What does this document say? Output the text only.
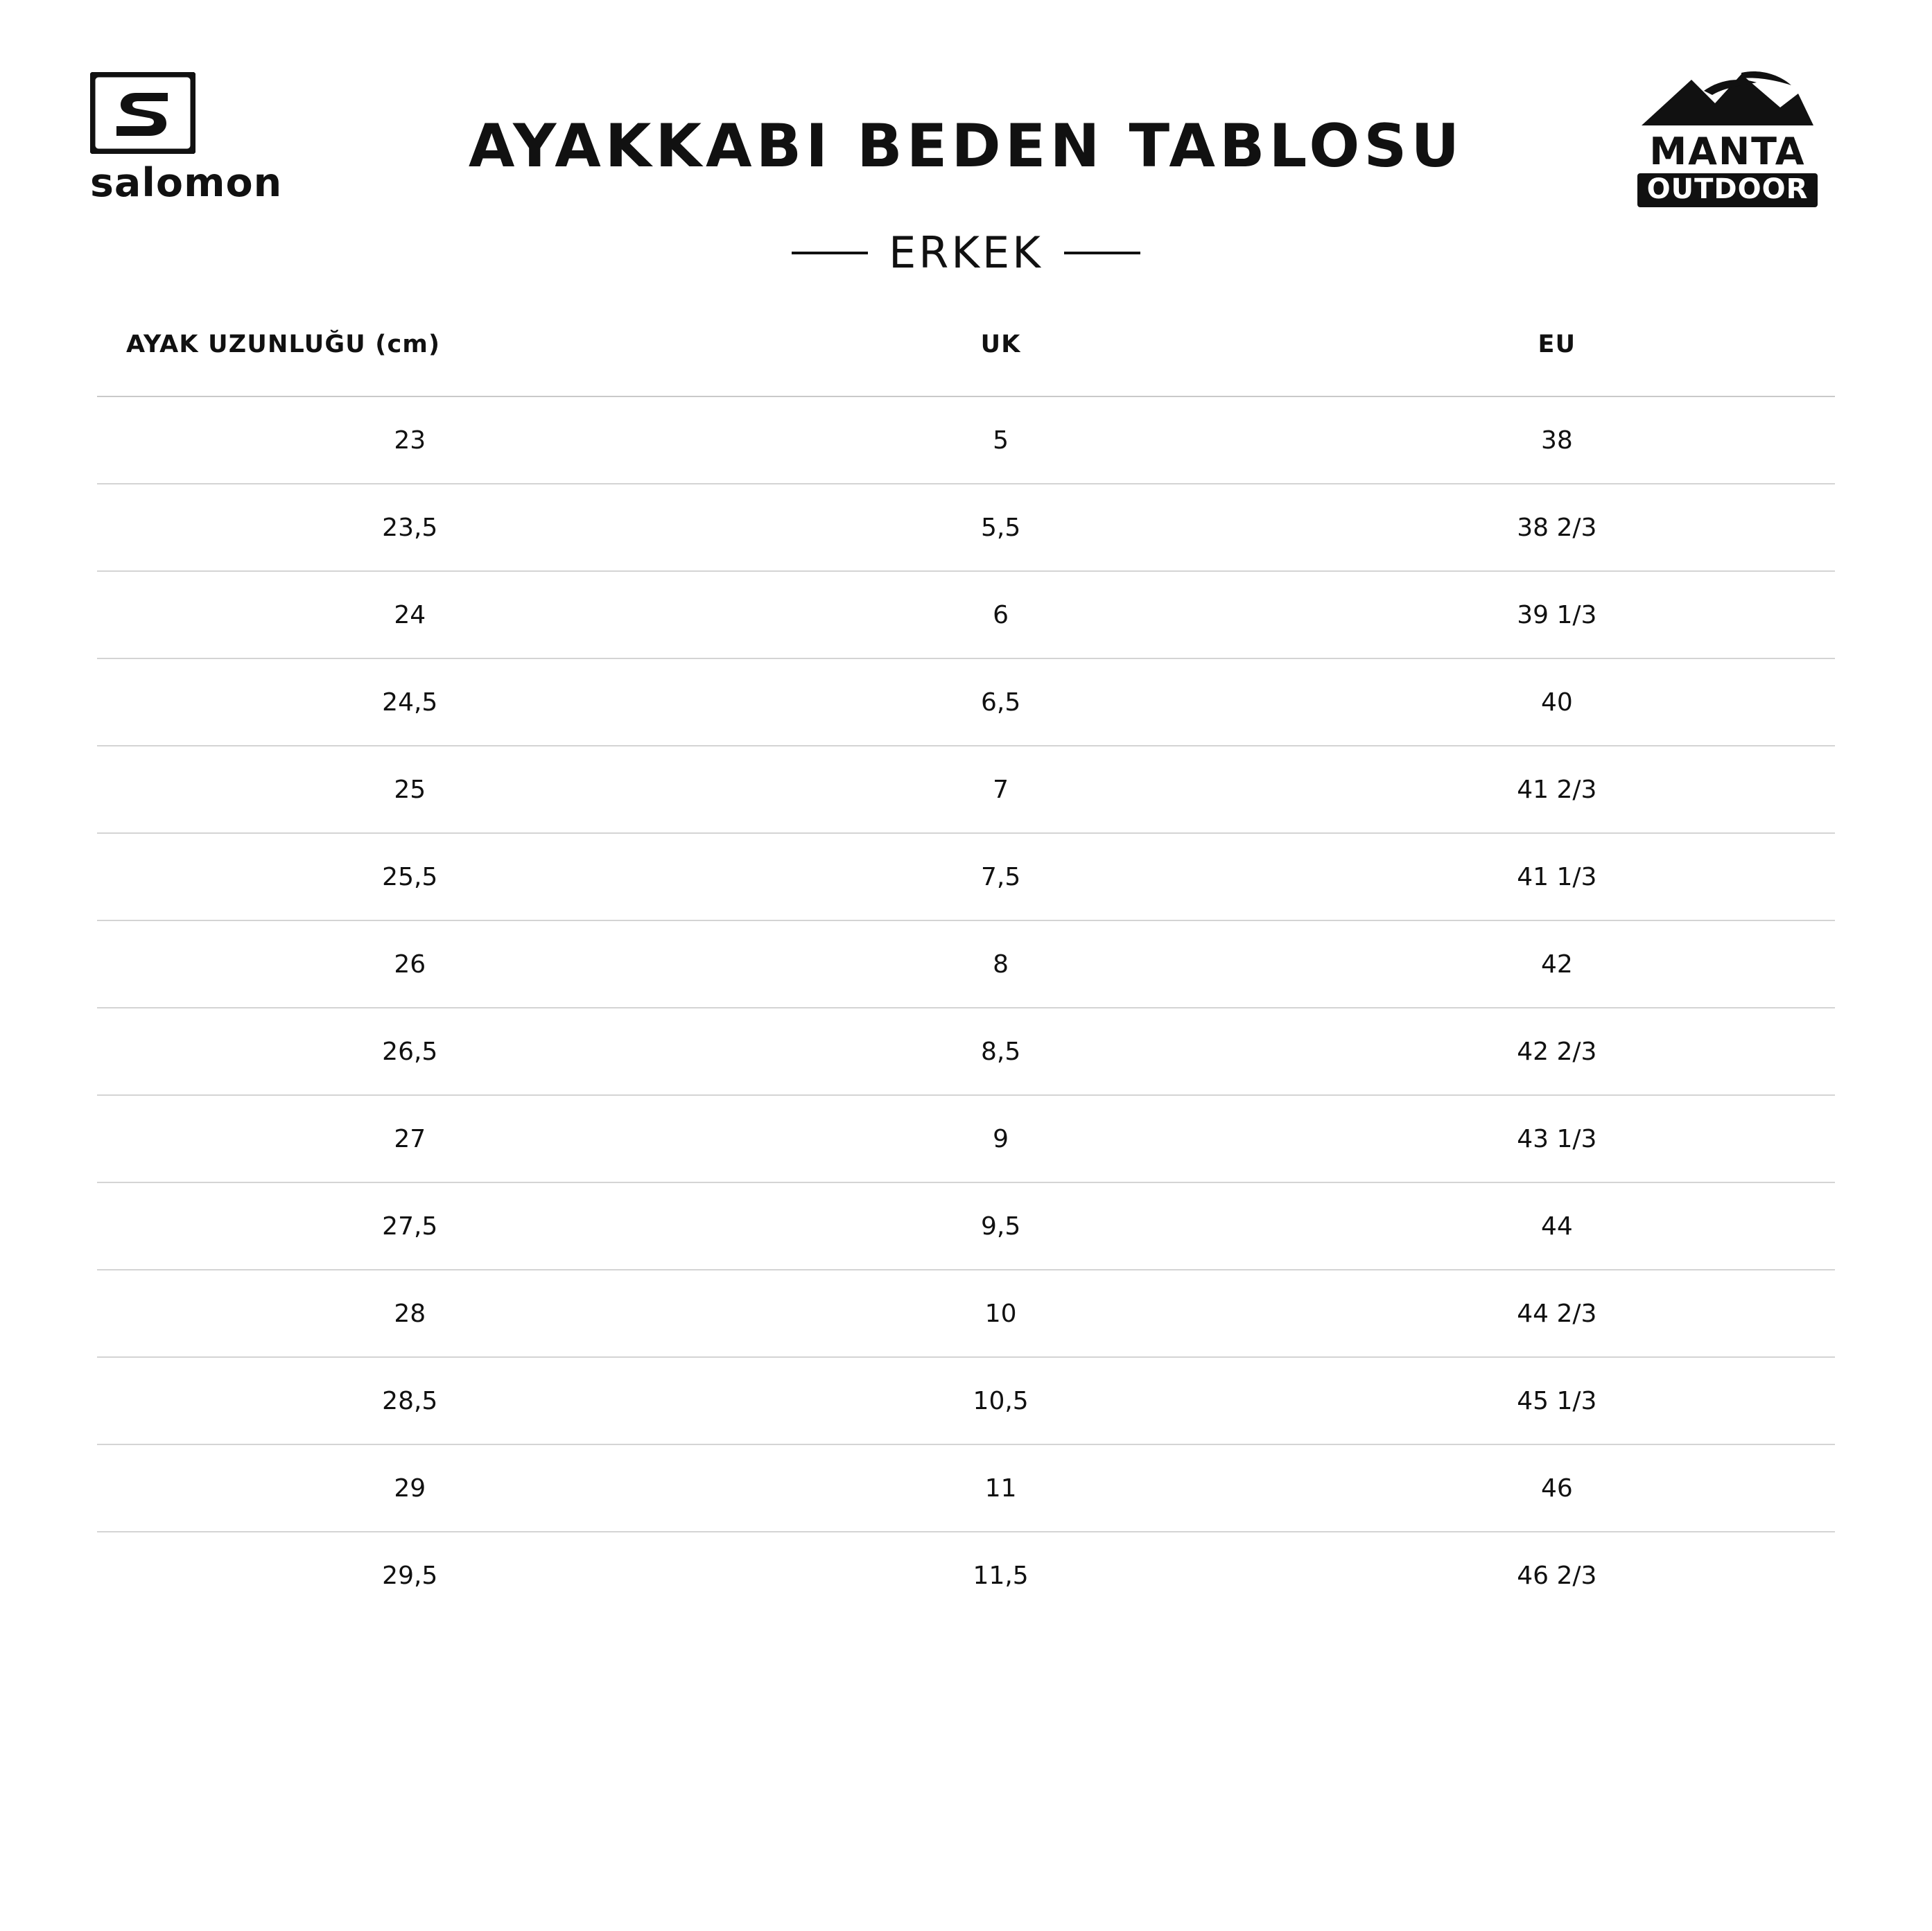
salomon
AYAKKABI BEDEN TABLOSU	MANTA
OUTDOOR
ERKEK
AYAK UZUNLUĞU (cm)	UK	EU
23	5	38
23,5	5,5	38 2/3
24	6	39 1/3
24,5	6,5	40
25	7	41 2/3
25,5	7,5	41 1/3
26	8	42
26,5	8,5	42 2/3
27	9	43 1/3
27,5	9,5	44
28	10	44 2/3
28,5	10,5	45 1/3
29	11	46
29,5	11,5	46 2/3
